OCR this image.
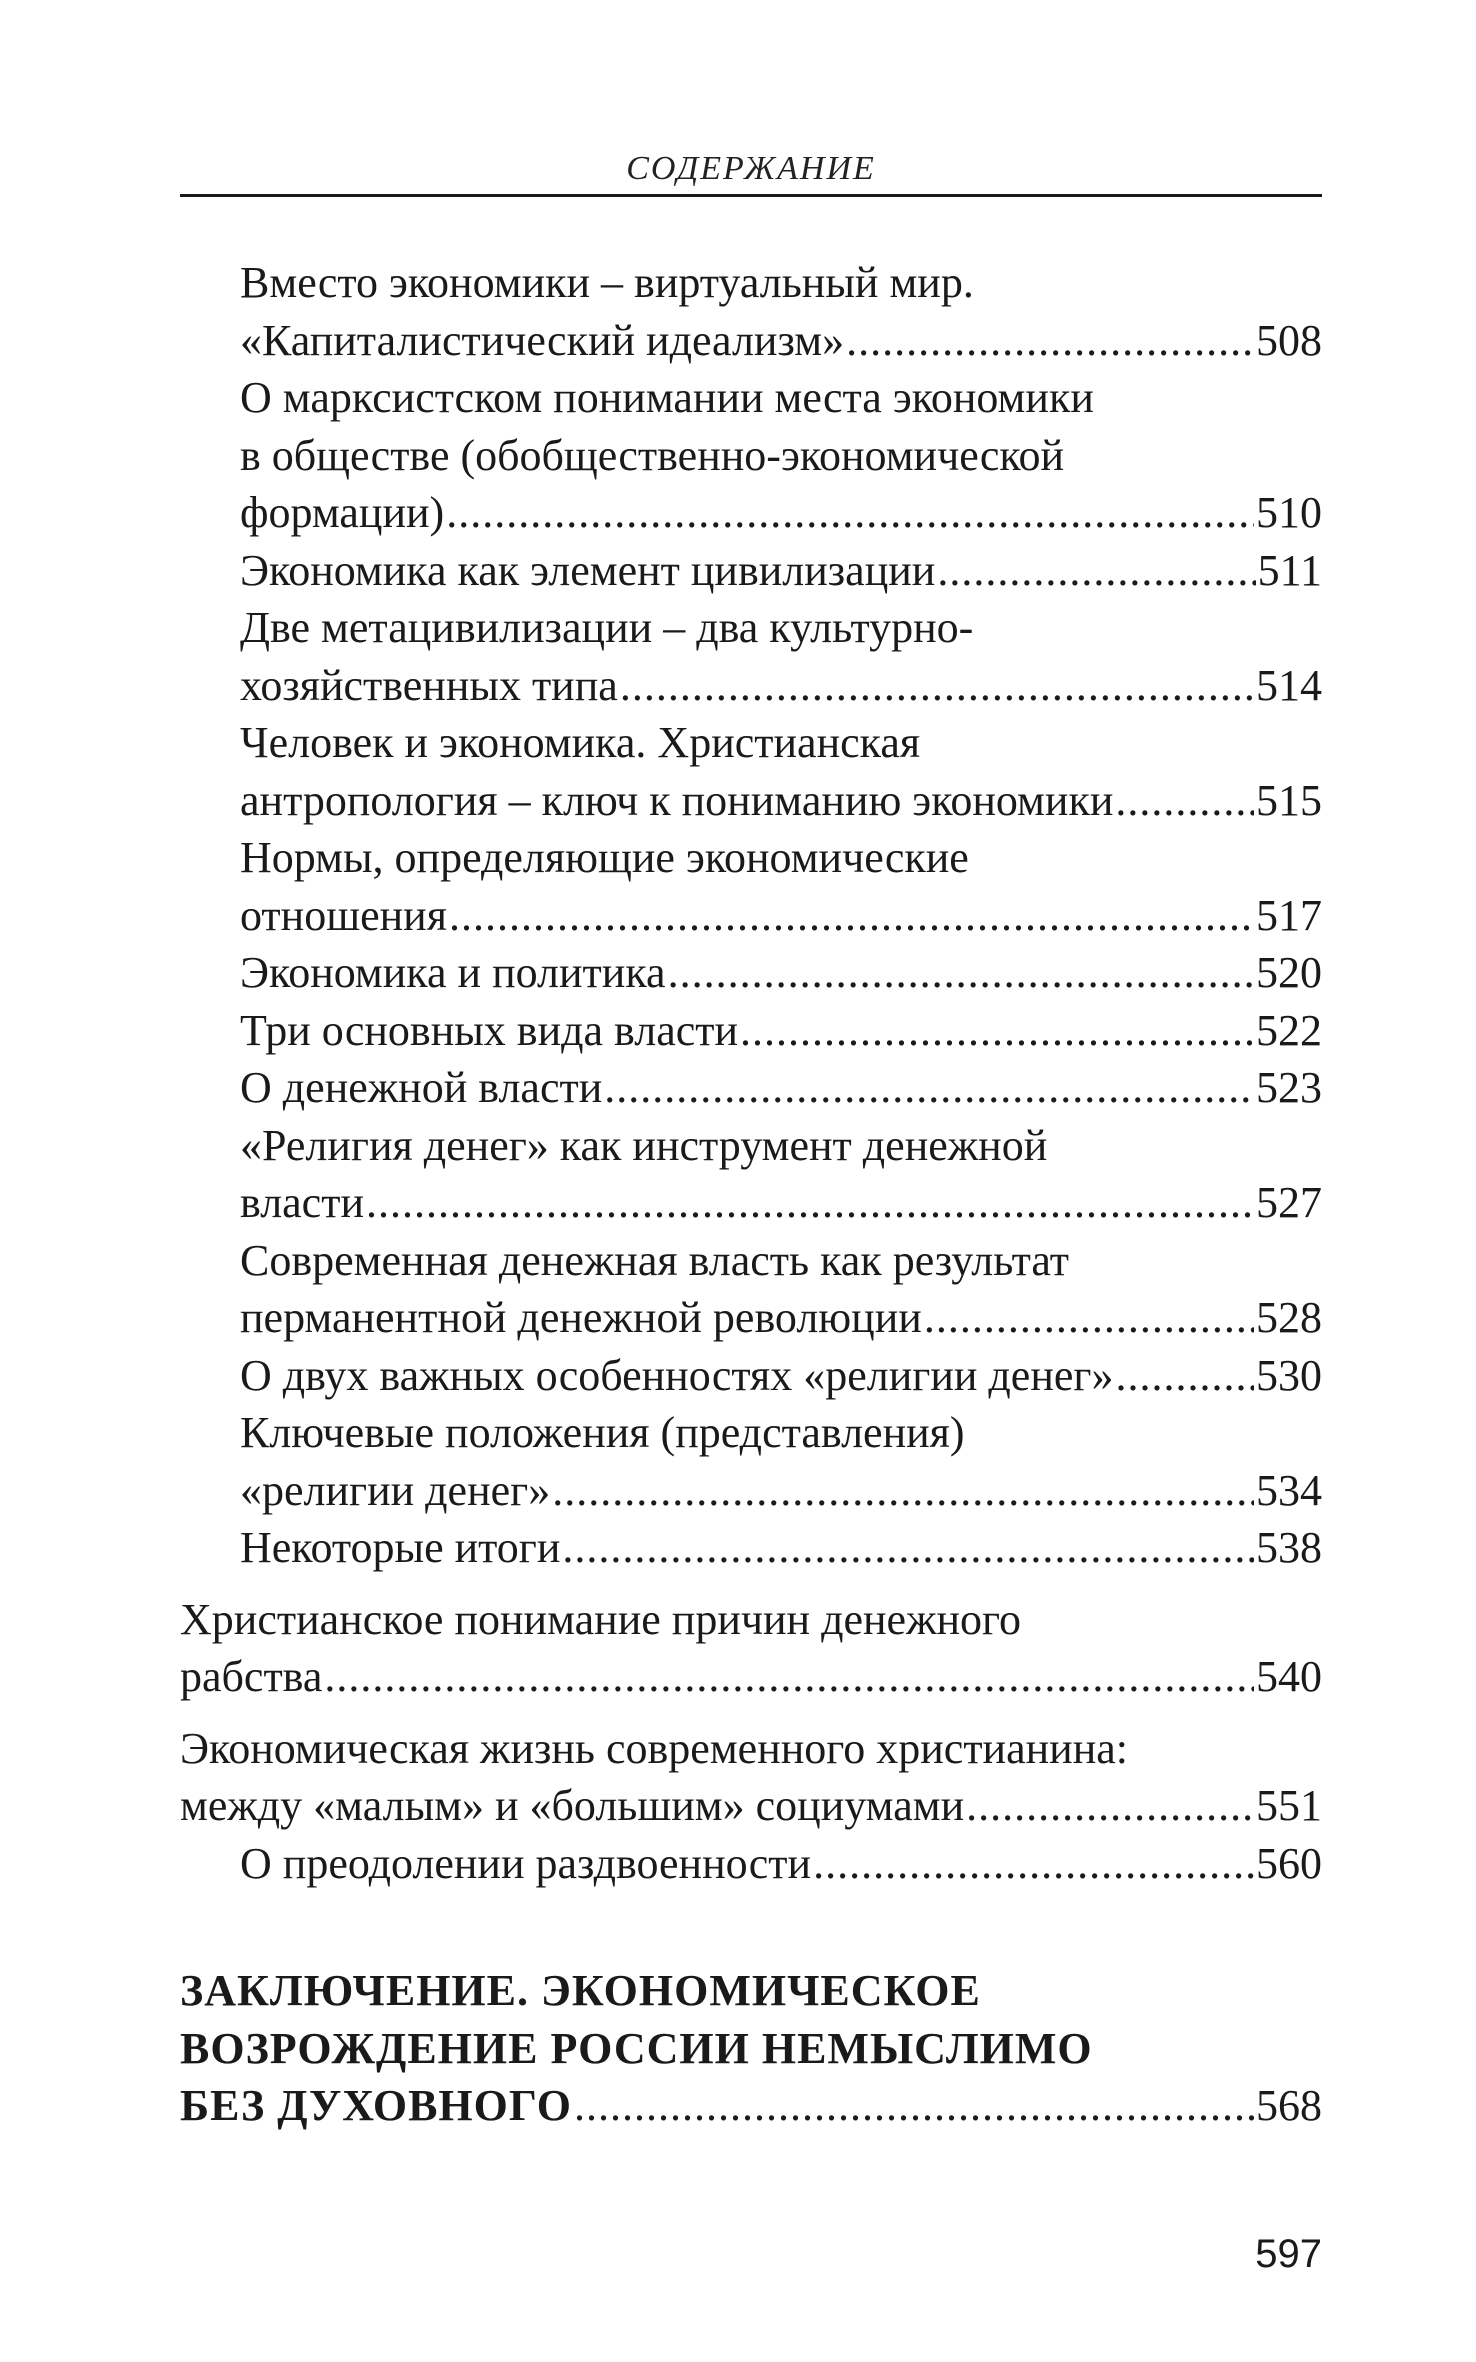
СОДЕРЖАНИЕ
Вместо экономики – виртуальный мир.
«Капиталистический идеализм» .....	508
О марксистском понимании места экономики
в обществе (обобщественно-экономической
формации) .....	510
Экономика как элемент цивилизации .....	511
Две метацивилизации – два культурно-
хозяйственных типа .....	514
Человек и экономика. Христианская
антропология – ключ к пониманию экономики .....	515
Нормы, определяющие экономические
отношения .....	517
Экономика и политика .....	520
Три основных вида власти .....	522
О денежной власти .....	523
«Религия денег» как инструмент денежной
власти .....	527
Современная денежная власть как результат
перманентной денежной революции .....	528
О двух важных особенностях «религии денег» .....	530
Ключевые положения (представления)
«религии денег» .....	534
Некоторые итоги .....	538
Христианское понимание причин денежного
рабства .....	540
Экономическая жизнь современного христианина:
между «малым» и «большим» социумами .....	551
О преодолении раздвоенности .....	560
ЗАКЛЮЧЕНИЕ. ЭКОНОМИЧЕСКОЕ
ВОЗРОЖДЕНИЕ РОССИИ НЕМЫСЛИМО
БЕЗ ДУХОВНОГО .....	568
597
